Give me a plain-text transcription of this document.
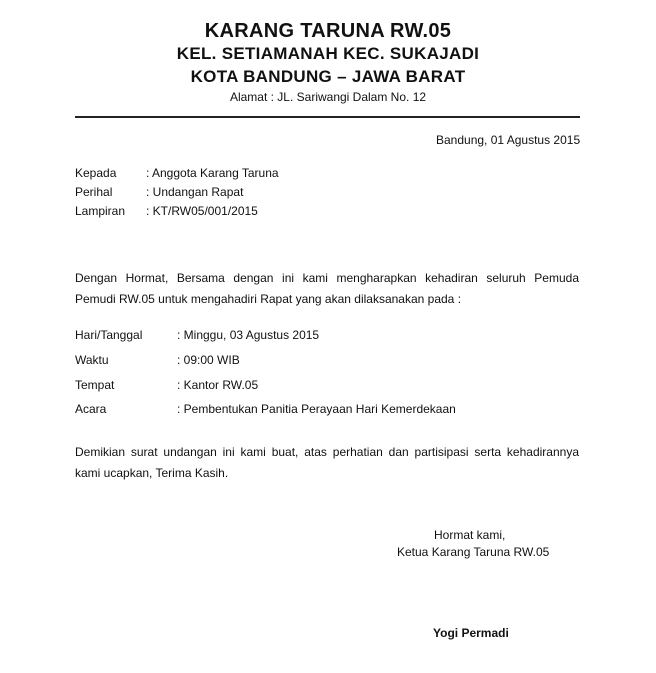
KARANG TARUNA RW.05
KEL. SETIAMANAH KEC. SUKAJADI
KOTA BANDUNG – JAWA BARAT
Alamat : JL. Sariwangi Dalam No. 12
Bandung, 01 Agustus 2015
Kepada : Anggota Karang Taruna
Perihal	: Undangan Rapat
Lampiran : KT/RW05/001/2015
Dengan Hormat, Bersama dengan ini kami mengharapkan kehadiran seluruh Pemuda
Pemudi RW.05 untuk mengahadiri Rapat yang akan dilaksanakan pada :
Hari/Tanggal	: Minggu, 03 Agustus 2015
Waktu	: 09:00 WIB
Tempat	: Kantor RW.05
Acara	: Pembentukan Panitia Perayaan Hari Kemerdekaan
Demikian surat undangan ini kami buat, atas perhatian dan partisipasi serta kehadirannya
kami ucapkan, Terima Kasih.
Hormat kami,
Ketua Karang Taruna RW.05
Yogi Permadi
